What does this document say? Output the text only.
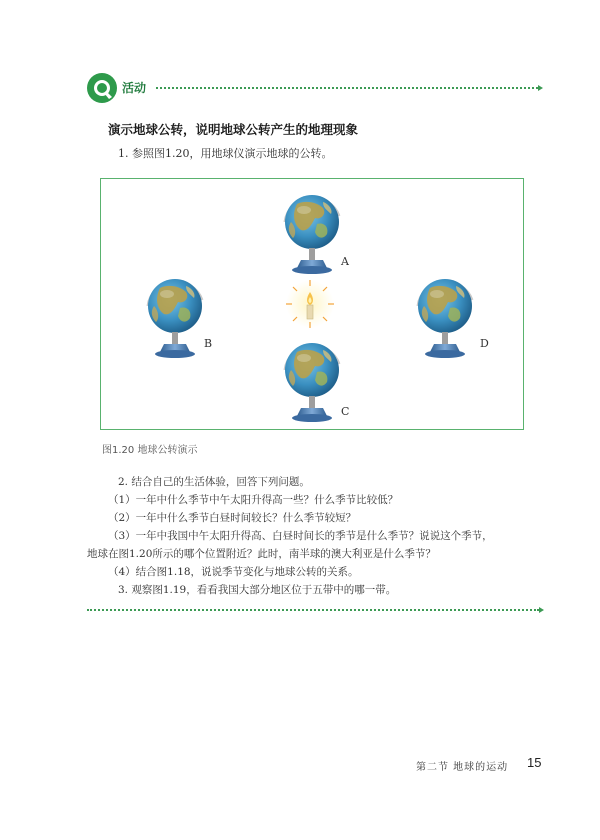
活动
演示地球公转，说明地球公转产生的地理现象
1. 参照图1.20，用地球仪演示地球的公转。
A
B	D
C
图1.20 地球公转演示
2. 结合自己的生活体验，回答下列问题。
（1）一年中什么季节中午太阳升得高一些？什么季节比较低？
（2）一年中什么季节白昼时间较长？什么季节较短？
（3）一年中我国中午太阳升得高、白昼时间长的季节是什么季节？说说这个季节，
地球在图1.20所示的哪个位置附近？此时，南半球的澳大利亚是什么季节？
（4）结合图1.18，说说季节变化与地球公转的关系。
3. 观察图1.19，看看我国大部分地区位于五带中的哪一带。
第二节 地球的运动 15
